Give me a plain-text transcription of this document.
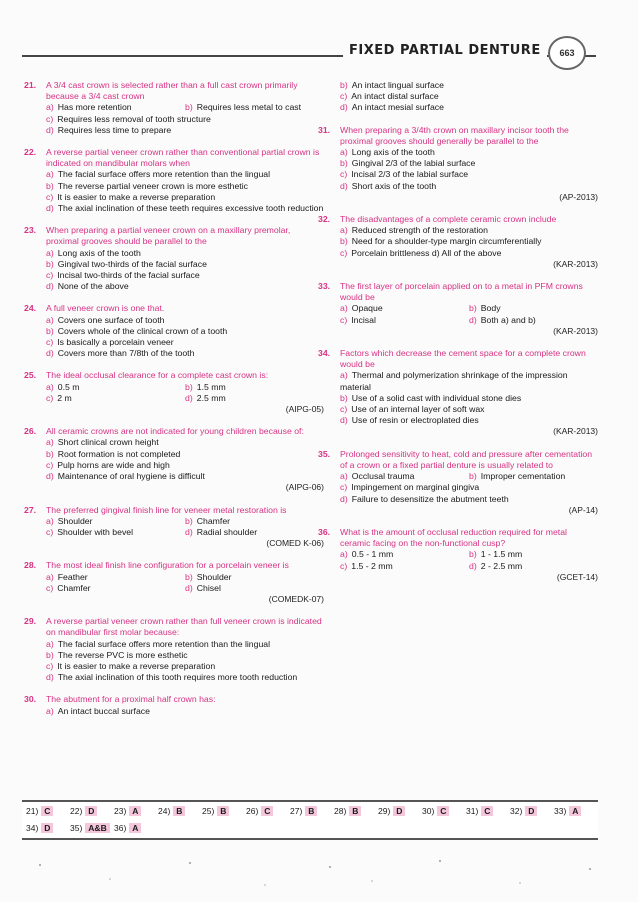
FIXED PARTIAL DENTURE	663
21. A 3/4 cast crown is selected rather than a full cast crown primarily because a 3/4 cast crown
a) Has more retention	b) Requires less metal to cast
c) Requires less removal of tooth structure
d) Requires less time to prepare
22. A reverse partial veneer crown rather than conventional partial crown is indicated on mandibular molars when
a) The facial surface offers more retention than the lingual
b) The reverse partial veneer crown is more esthetic
c) It is easier to make a reverse preparation
d) The axial inclination of these teeth requires excessive tooth reduction
23. When preparing a partial veneer crown on a maxillary premolar, proximal grooves should be parallel to the
a) Long axis of the tooth
b) Gingival two-thirds of the facial surface
c) Incisal two-thirds of the facial surface
d) None of the above
24. A full veneer crown is one that.
a) Covers one surface of tooth
b) Covers whole of the clinical crown of a tooth
c) Is basically a porcelain veneer
d) Covers more than 7/8th of the tooth
25. The ideal occlusal clearance for a complete cast crown is:
a) 0.5 m	b) 1.5 mm
c) 2 m	d) 2.5 mm
(AIPG-05)
26. All ceramic crowns are not indicated for young children because of:
a) Short clinical crown height
b) Root formation is not completed
c) Pulp horns are wide and high
d) Maintenance of oral hygiene is difficult
(AIPG-06)
27. The preferred gingival finish line for veneer metal restoration is
a) Shoulder	b) Chamfer
c) Shoulder with bevel	d) Radial shoulder
(COMED K-06)
28. The most ideal finish line configuration for a porcelain veneer is
a) Feather	b) Shoulder
c) Chamfer	d) Chisel
(COMEDK-07)
29. A reverse partial veneer crown rather than full veneer crown is indicated on mandibular first molar because:
a) The facial surface offers more retention than the lingual
b) The reverse PVC is more esthetic
c) It is easier to make a reverse preparation
d) The axial inclination of this tooth requires more tooth reduction
30. The abutment for a proximal half crown has:
a) An intact buccal surface
b) An intact lingual surface
c) An intact distal surface
d) An intact mesial surface
31. When preparing a 3/4th crown on maxillary incisor tooth the proximal grooves should generally be parallel to the
a) Long axis of the tooth
b) Gingival 2/3 of the labial surface
c) Incisal 2/3 of the labial surface
d) Short axis of the tooth
(AP-2013)
32. The disadvantages of a complete ceramic crown include
a) Reduced strength of the restoration
b) Need for a shoulder-type margin circumferentially
c) Porcelain brittleness d) All of the above
(KAR-2013)
33. The first layer of porcelain applied on to a metal in PFM crowns would be
a) Opaque	b) Body
c) Incisal	d) Both a) and b)
(KAR-2013)
34. Factors which decrease the cement space for a complete crown would be
a) Thermal and polymerization shrinkage of the impression material
b) Use of a solid cast with individual stone dies
c) Use of an internal layer of soft wax
d) Use of resin or electroplated dies
(KAR-2013)
35. Prolonged sensitivity to heat, cold and pressure after cementation of a crown or a fixed partial denture is usually related to
a) Occlusal trauma	b) Improper cementation
c) Impingement on marginal gingiva
d) Failure to desensitize the abutment teeth
(AP-14)
36. What is the amount of occlusal reduction required for metal ceramic facing on the non-functional cusp?
a) 0.5 - 1 mm	b) 1 - 1.5 mm
c) 1.5 - 2 mm	d) 2 - 2.5 mm
(GCET-14)
21) C	22) D	23) A	24) B	25) B	26) C	27) B	28) B	29) D	30) C	31) C	32) D	33) A
34) D	35) A&B 36) A
